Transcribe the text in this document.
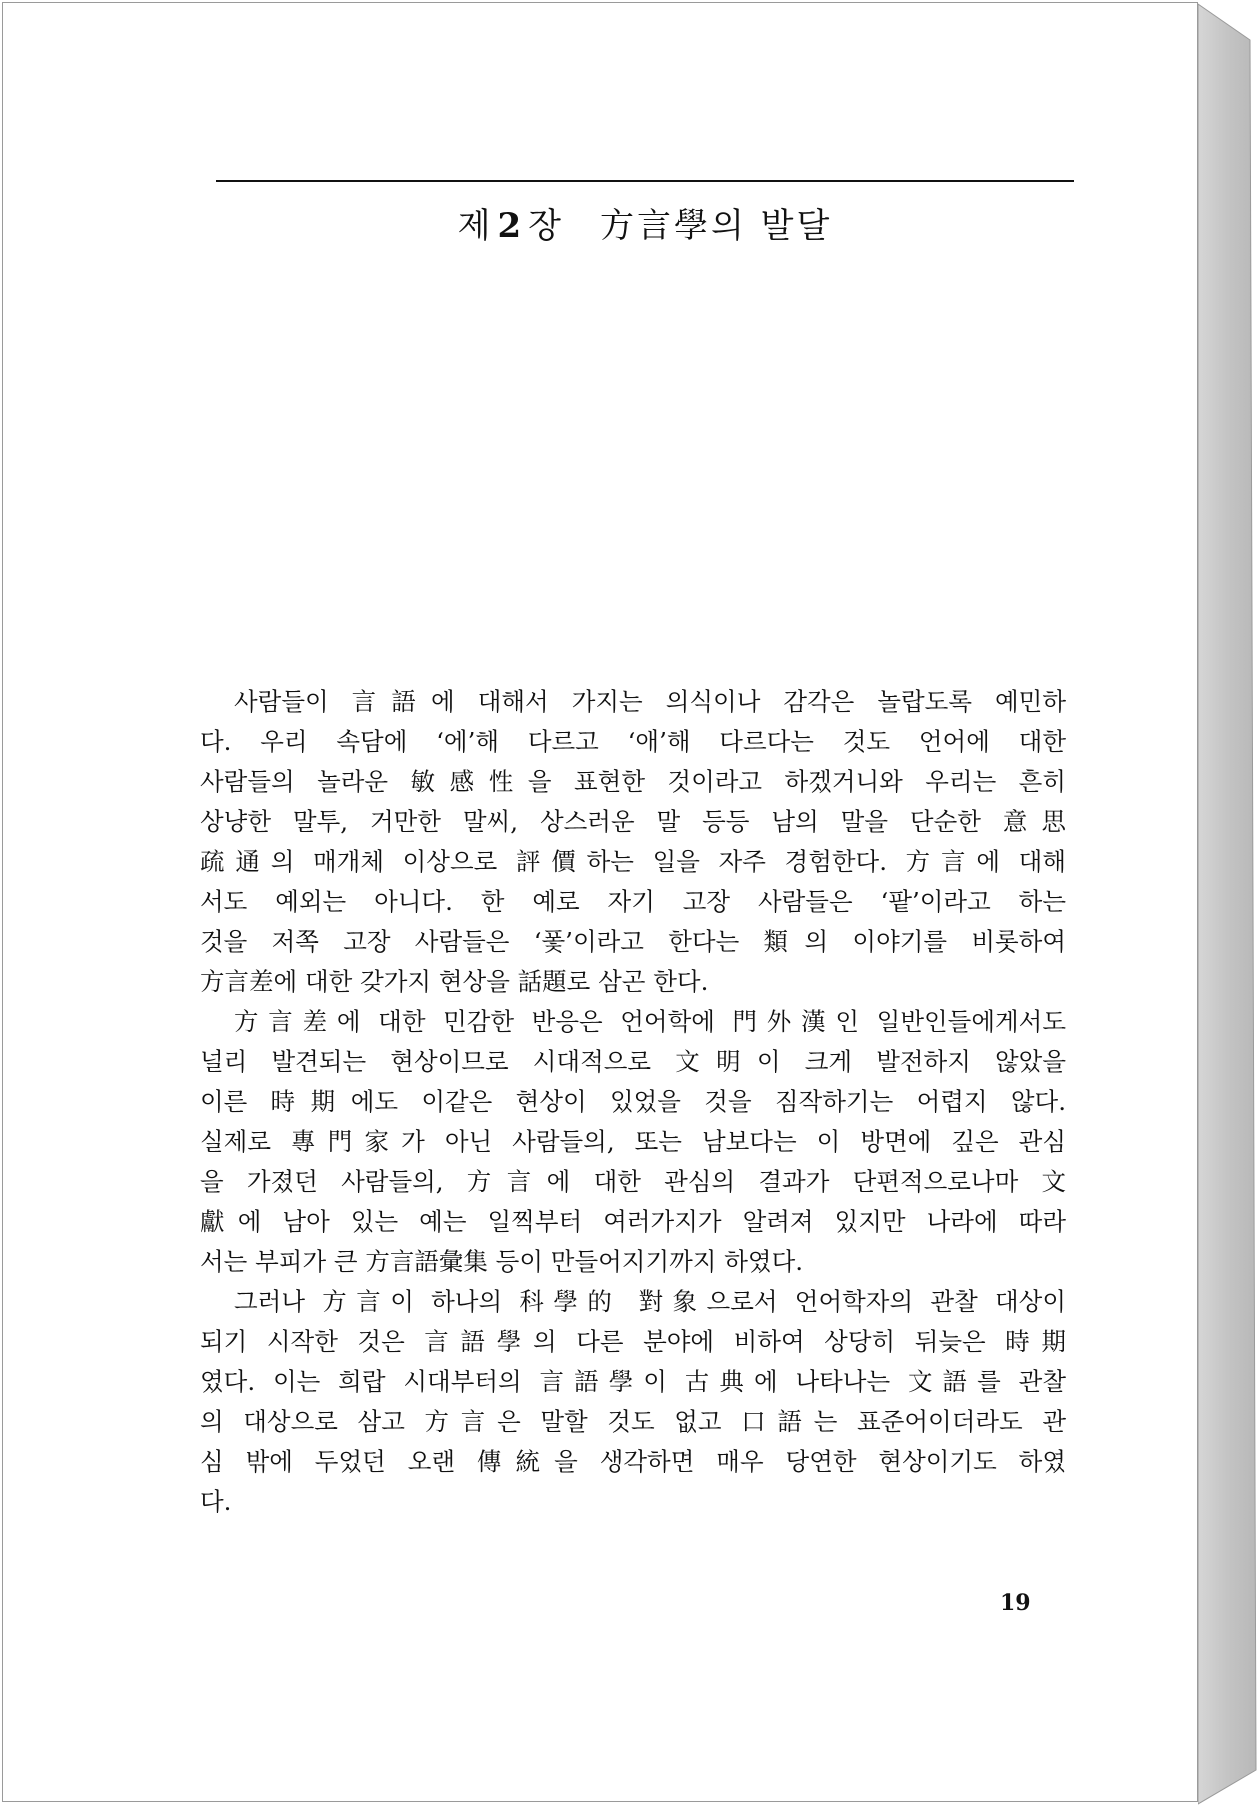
제 2 장 方言學의 발달
사람들이 言語에 대해서 가지는 의식이나 감각은 놀랍도록 예민하
다. 우리 속담에 ‘에’해 다르고 ‘애’해 다르다는 것도 언어에 대한
사람들의 놀라운 敏感性을 표현한 것이라고 하겠거니와 우리는 흔히
상냥한 말투, 거만한 말씨, 상스러운 말 등등 남의 말을 단순한 意思
疏通의 매개체 이상으로 評價하는 일을 자주 경험한다. 方言에 대해
서도 예외는 아니다. 한 예로 자기 고장 사람들은 ‘팥’이라고 하는
것을 저쪽 고장 사람들은 ‘퐃’이라고 한다는 類의 이야기를 비롯하여
方言差에 대한 갖가지 현상을 話題로 삼곤 한다.
方言差에 대한 민감한 반응은 언어학에 門外漢인 일반인들에게서도
널리 발견되는 현상이므로 시대적으로 文明이 크게 발전하지 않았을
이른 時期에도 이같은 현상이 있었을 것을 짐작하기는 어렵지 않다.
실제로 專門家가 아닌 사람들의, 또는 남보다는 이 방면에 깊은 관심
을 가졌던 사람들의, 方言에 대한 관심의 결과가 단편적으로나마 文
獻에 남아 있는 예는 일찍부터 여러가지가 알려져 있지만 나라에 따라
서는 부피가 큰 方言語彙集 등이 만들어지기까지 하였다.
그러나 方言이 하나의 科學的 對象으로서 언어학자의 관찰 대상이
되기 시작한 것은 言語學의 다른 분야에 비하여 상당히 뒤늦은 時期
였다. 이는 희랍 시대부터의 言語學이 古典에 나타나는 文語를 관찰
의 대상으로 삼고 方言은 말할 것도 없고 口語는 표준어이더라도 관
심 밖에 두었던 오랜 傳統을 생각하면 매우 당연한 현상이기도 하였
다.
19
